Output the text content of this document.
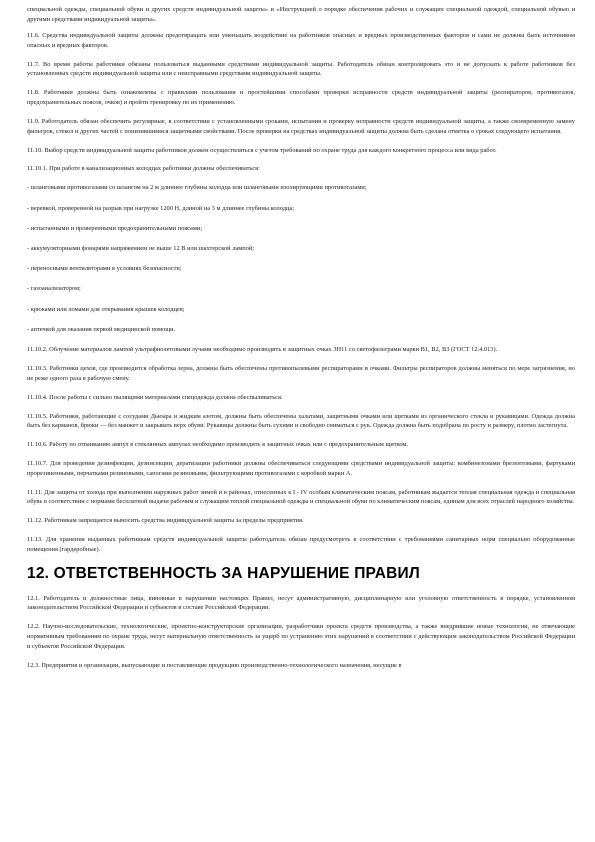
специальной одежды, специальной обуви и других средств индивидуальной защиты» и «Инструкцией о порядке обеспечения рабочих и служащих специальной одеждой, специальной обувью и другими средствами индивидуальной защиты».

11.6. Средства индивидуальной защиты должны предотвращать или уменьшать воздействие на работников опасных и вредных производственных факторов и сами не должны быть источником опасных и вредных факторов.

11.7. Во время работы работники обязаны пользоваться выданными средствами индивидуальной защиты. Работодатель обязан контролировать это и не допускать к работе работников без установленных средств индивидуальной защиты или с неисправными средствами индивидуальной защиты.

11.8. Работники должны быть ознакомлены с правилами пользования и простейшими способами проверки исправности средств индивидуальной защиты (респираторов, противогазов, предохранительных поясов, очков) и пройти тренировку по их применению.

11.9. Работодатель обязан обеспечить регулярные, в соответствии с установленными сроками, испытания и проверку исправности средств индивидуальной защиты, а также своевременную замену фильтров, стекол и других частей с понизившимися защитными свойствами. После проверки на средствах индивидуальной защиты должна быть сделана отметка о сроках следующего испытания.

11.10. Выбор средств индивидуальной защиты работников должен осуществляться с учетом требований по охране труда для каждого конкретного процесса или вида работ.

11.10.1. При работе в канализационных колодцах работники должны обеспечиваться:

- шланговыми противогазами со шлангом на 2 м длиннее глубины колодца или шланговыми изолирующими противогазами;

- веревкой, проверенной на разрыв при нагрузке 1200 Н, длиной на 3 м длиннее глубины колодца;

- испытанными и проверенными предохранительными поясами;

- аккумуляторными фонарями напряжением не выше 12 В или шахтерской лампой;

- переносными вентиляторами в условиях безопасности;

- газоанализатором;

- крюками или ломами для открывания крышек колодцев;

- аптечкой для оказания первой медицинской помощи.

11.10.2. Облучение материалов лампой ультрафиолетовыми лучами необходимо производить в защитных очках ЗН11 со светофильтрами марки В1, В2, В3 (ГОСТ 12.4.013).

11.10.3. Работники цехов, где производится обработка зерна, должны быть обеспечены противопылевыми респираторами и очками. Фильтры респираторов должны меняться по мере загрязнения, но не реже одного раза в рабочую смену.

11.10.4. После работы с сильно пылящими материалами спецодежда должна обеспыливаться.

11.10.5. Работники, работающие с сосудами Дьюара и жидким азотом, должны быть обеспечены халатами, защитными очками или щитками из органического стекла и рукавицами. Одежда должна быть без карманов, брюки — без манжет и закрывать верх обуви. Рукавицы должны быть сухими и свободно сниматься с рук. Одежда должна быть подобрана по росту и размеру, плотно застегнута.

11.10.6. Работу по отпаиванию ампул в стеклянных ампулах необходимо производить в защитных очках или с предохранительным щитком.

11.10.7. Для проведения дезинфекции, дезинсекции, дератизации работники должны обеспечиваться следующими средствами индивидуальной защиты: комбинезонами брезентовыми, фартуками прорезиненными, перчатками резиновыми, сапогами резиновыми, фильтрующими противогазами с коробкой марки А.

11.11. Для защиты от холода при выполнении наружных работ зимой и в районах, отнесенных к I - IV особым климатическим поясам, работникам выдается теплая специальная одежда и специальная обувь в соответствии с нормами бесплатной выдачи рабочим и служащим теплой специальной одежды и специальной обуви по климатическим поясам, единым для всех отраслей народного хозяйства.

11.12. Работникам запрещается выносить средства индивидуальной защиты за пределы предприятия.

11.13. Для хранения выданных работникам средств индивидуальной защиты работодатель обязан предусмотреть в соответствии с требованиями санитарных норм специально оборудованные помещения (гардеробные).

12. ОТВЕТСТВЕННОСТЬ ЗА НАРУШЕНИЕ ПРАВИЛ

12.1. Работодатель и должностные лица, виновные в нарушении настоящих Правил, несут административную, дисциплинарную или уголовную ответственность в порядке, установленном законодательством Российской Федерации и субъектов в составе Российской Федерации.

12.2. Научно-исследовательские, технологические, проектно-конструкторские организации, разработчики проекта средств производства, а также внедрившие новые технологии, не отвечающие нормативным требованиям по охране труда, несут материальную ответственность за ущерб по устранению этих нарушений в соответствии с действующим законодательством Российской Федерации и субъектов Российской Федерации.

12.3. Предприятия и организации, выпускающие и поставляющие продукцию производственно-технологического назначения, несущие в
